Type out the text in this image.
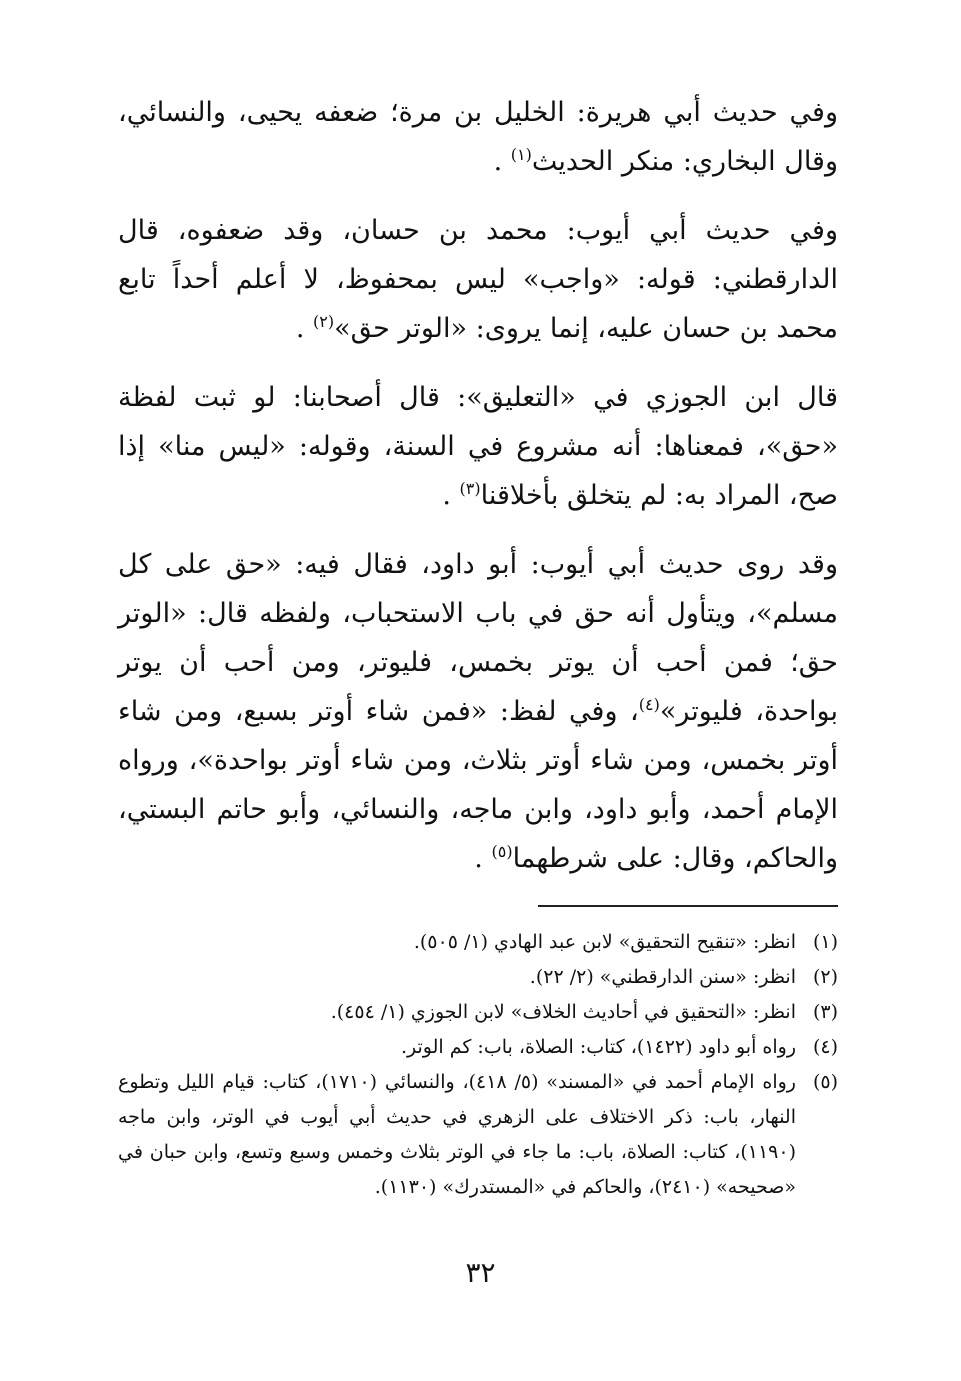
وفي حديث أبي هريرة: الخليل بن مرة؛ ضعفه يحيى، والنسائي، وقال البخاري: منكر الحديث$^{(١)}$ .

وفي حديث أبي أيوب: محمد بن حسان، وقد ضعفوه، قال الدارقطني: قوله: «واجب» ليس بمحفوظ، لا أعلم أحداً تابع محمد بن حسان عليه، إنما يروى: «الوتر حق»$^{(٢)}$ .

قال ابن الجوزي في «التعليق»: قال أصحابنا: لو ثبت لفظة «حق»، فمعناها: أنه مشروع في السنة، وقوله: «ليس منا» إذا صح، المراد به: لم يتخلق بأخلاقنا$^{(٣)}$ .

وقد روى حديث أبي أيوب: أبو داود، فقال فيه: «حق على كل مسلم»، ويتأول أنه حق في باب الاستحباب، ولفظه قال: «الوتر حق؛ فمن أحب أن يوتر بخمس، فليوتر، ومن أحب أن يوتر بواحدة، فليوتر»$^{(٤)}$، وفي لفظ: «فمن شاء أوتر بسبع، ومن شاء أوتر بخمس، ومن شاء أوتر بثلاث، ومن شاء أوتر بواحدة»، ورواه الإمام أحمد، وأبو داود، وابن ماجه، والنسائي، وأبو حاتم البستي، والحاكم، وقال: على شرطهما$^{(٥)}$ .

(١)
انظر: «تنقيح التحقيق» لابن عبد الهادي (١/ ٥٠٥).

(٢)
انظر: «سنن الدارقطني» (٢/ ٢٢).

(٣)
انظر: «التحقيق في أحاديث الخلاف» لابن الجوزي (١/ ٤٥٤).

(٤)
رواه أبو داود (١٤٢٢)، كتاب: الصلاة، باب: كم الوتر.

(٥)
رواه الإمام أحمد في «المسند» (٥/ ٤١٨)، والنسائي (١٧١٠)، كتاب: قيام الليل وتطوع النهار، باب: ذكر الاختلاف على الزهري في حديث أبي أيوب في الوتر، وابن ماجه (١١٩٠)، كتاب: الصلاة، باب: ما جاء في الوتر بثلاث وخمس وسبع وتسع، وابن حبان في «صحيحه» (٢٤١٠)، والحاكم في «المستدرك» (١١٣٠).

٣٢
